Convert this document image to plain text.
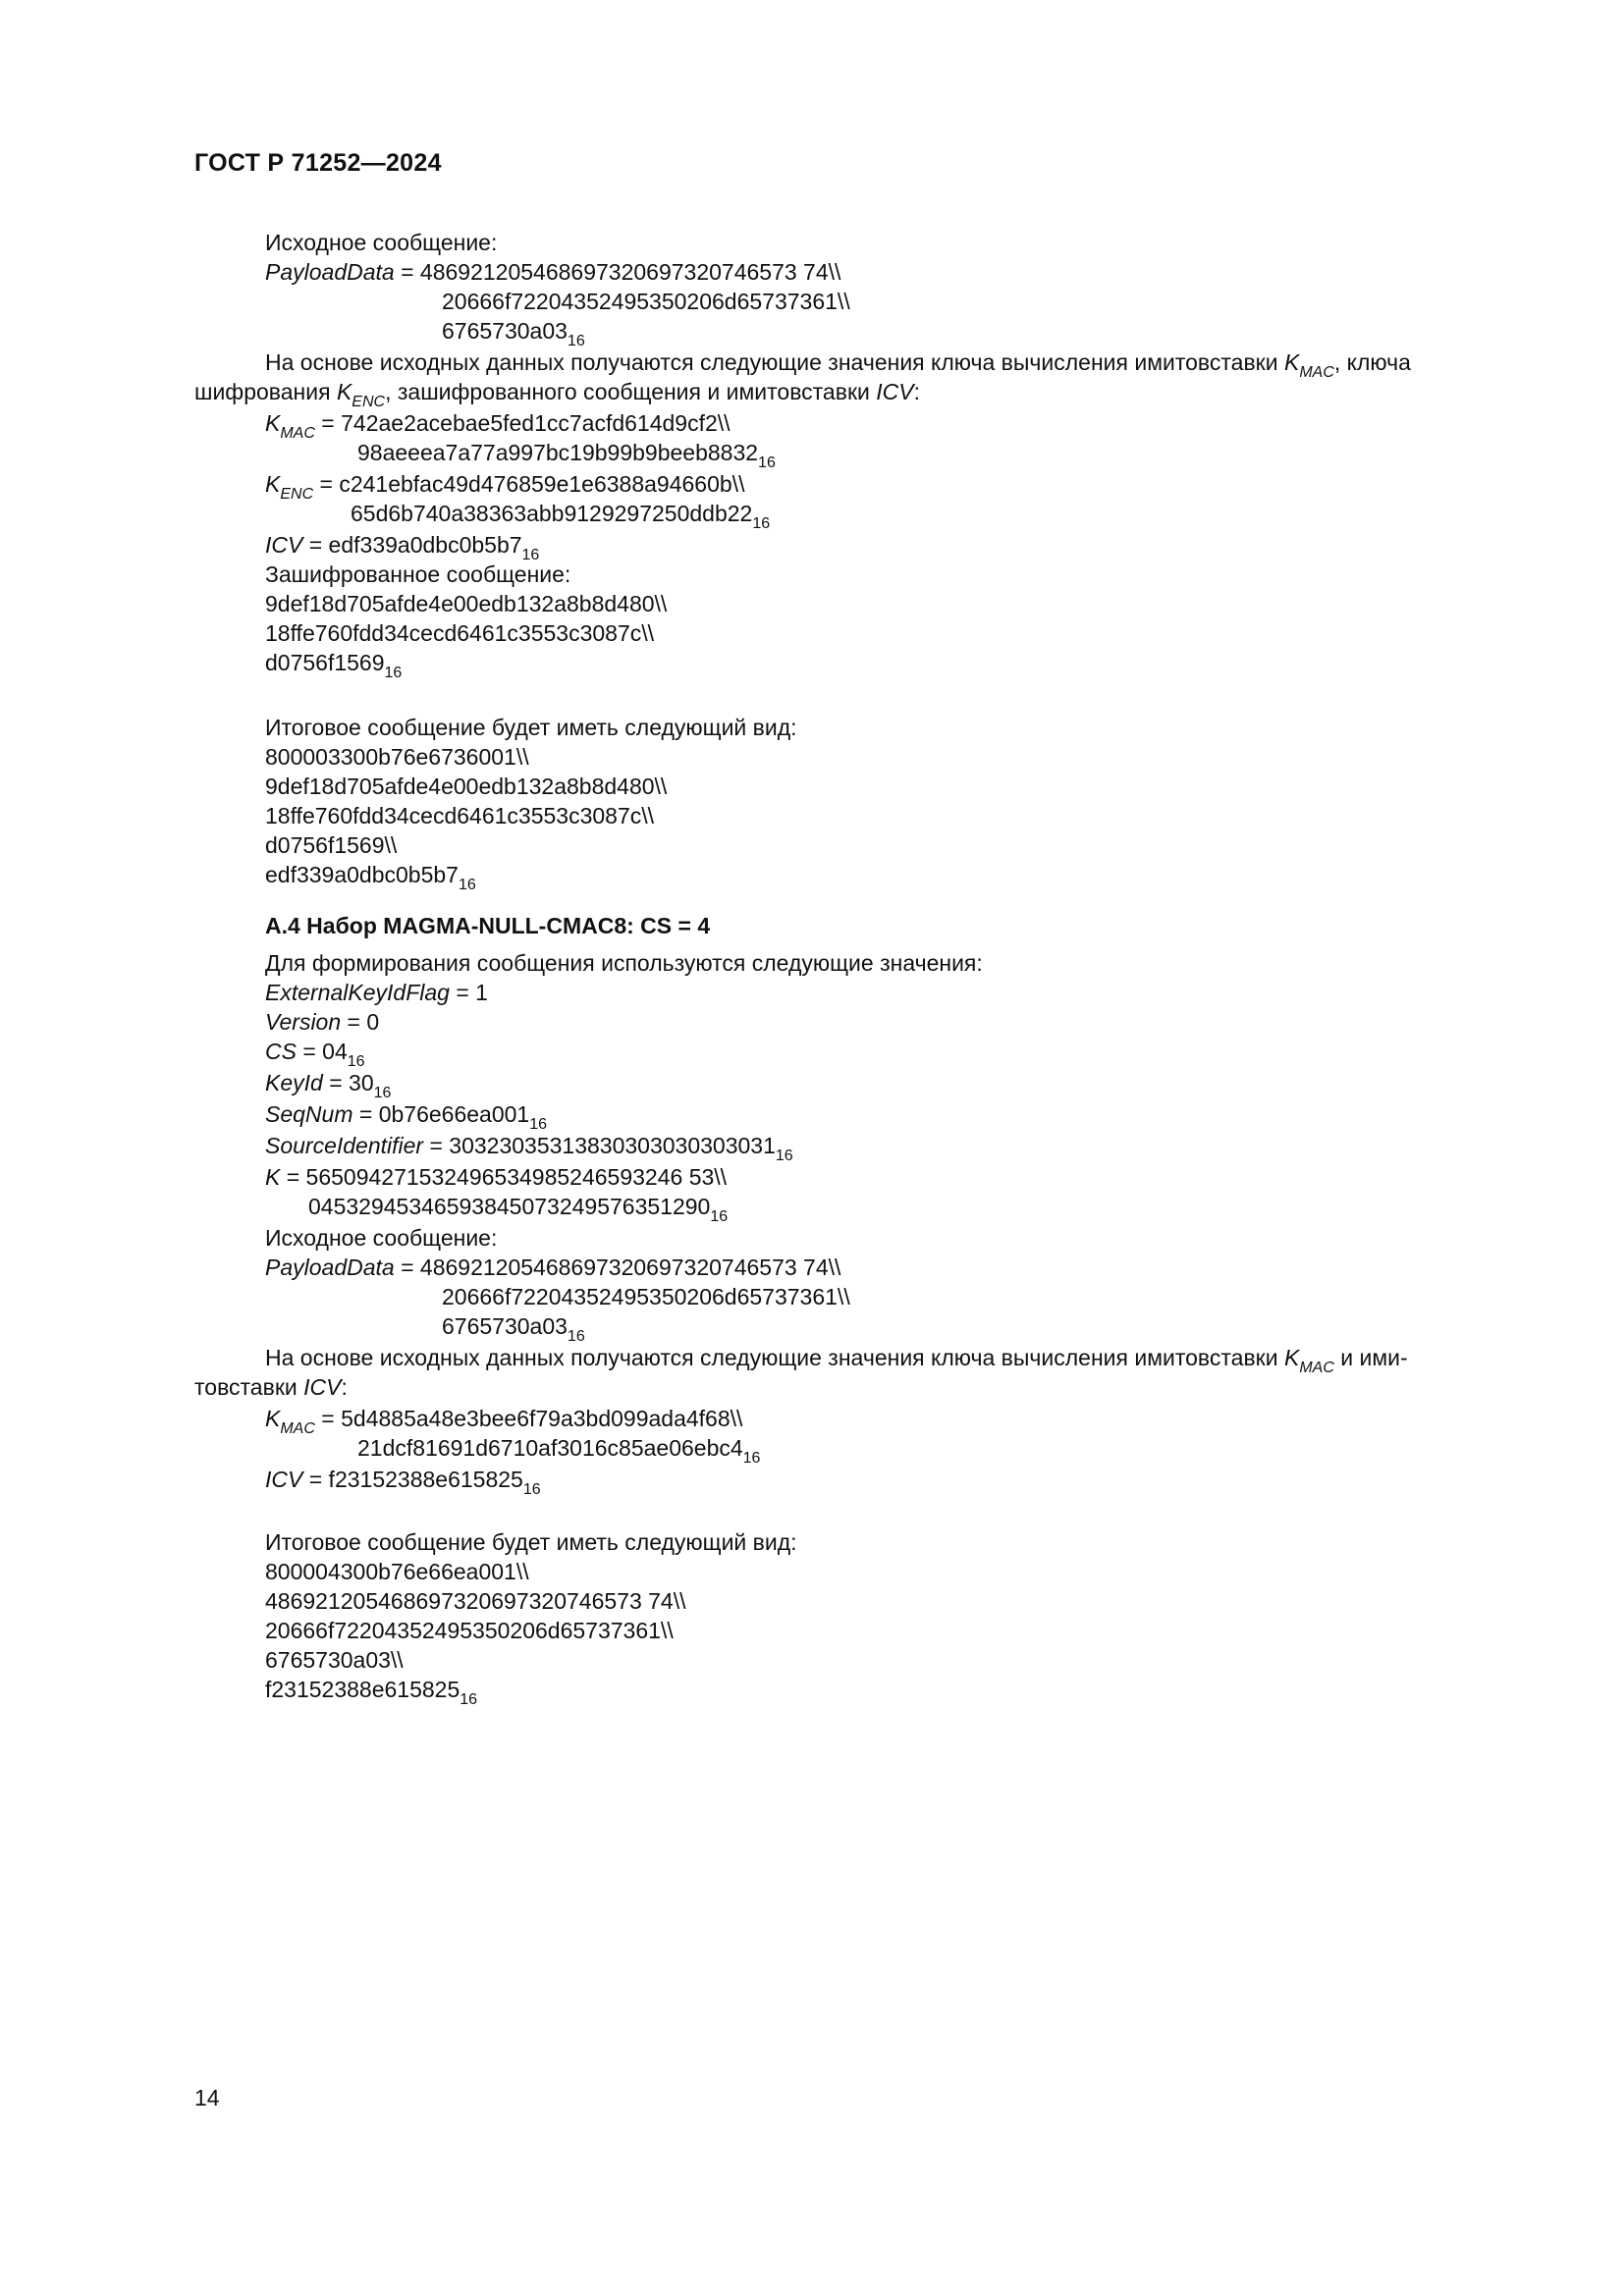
ГОСТ Р 71252—2024
Исходное сообщение:
PayloadData = 486921205468697320697320746573 74\\
20666f72204352495350206d65737361\\
$6765730a03_{16}$
На основе исходных данных получаются следующие значения ключа вычисления имитовставки $K_{MAC}$, ключа
шифрования $K_{ENC}$, зашифрованного сообщения и имитовставки ICV:
$K_{MAC}$ = 742ae2acebae5fed1cc7acfd614d9cf2\\
$98aeeea7a77a997bc19b99b9beeb8832_{16}$
$K_{ENC}$ = c241ebfac49d476859e1e6388a94660b\\
$65d6b740a38363abb9129297250ddb22_{16}$
ICV = $edf339a0dbc0b5b7_{16}$
Зашифрованное сообщение:
9def18d705afde4e00edb132a8b8d480\\
18ffe760fdd34cecd6461c3553c3087c\\
$d0756f1569_{16}$
Итоговое сообщение будет иметь следующий вид:
800003300b76e6736001\\
9def18d705afde4e00edb132a8b8d480\\
18ffe760fdd34cecd6461c3553c3087c\\
d0756f1569\\
$edf339a0dbc0b5b7_{16}$
А.4 Набор MAGMA-NULL-CMAC8: CS = 4
Для формирования сообщения используются следующие значения:
ExternalKeyIdFlag = 1
Version = 0
CS = $04_{16}$
KeyId = $30_{16}$
SeqNum = $0b76e66ea001_{16}$
SourceIdentifier = $30323035313830303030303031_{16}$
K = 565094271532496534985246593246 53\\
$04532945346593845073249576351290_{16}$
Исходное сообщение:
PayloadData = 486921205468697320697320746573 74\\
20666f72204352495350206d65737361\\
$6765730a03_{16}$
На основе исходных данных получаются следующие значения ключа вычисления имитовставки $K_{MAC}$ и ими-
товставки ICV:
$K_{MAC}$ = 5d4885a48e3bee6f79a3bd099ada4f68\\
$21dcf81691d6710af3016c85ae06ebc4_{16}$
ICV = $f23152388e615825_{16}$
Итоговое сообщение будет иметь следующий вид:
800004300b76e66ea001\\
486921205468697320697320746573 74\\
20666f72204352495350206d65737361\\
6765730a03\\
$f23152388e615825_{16}$
14
